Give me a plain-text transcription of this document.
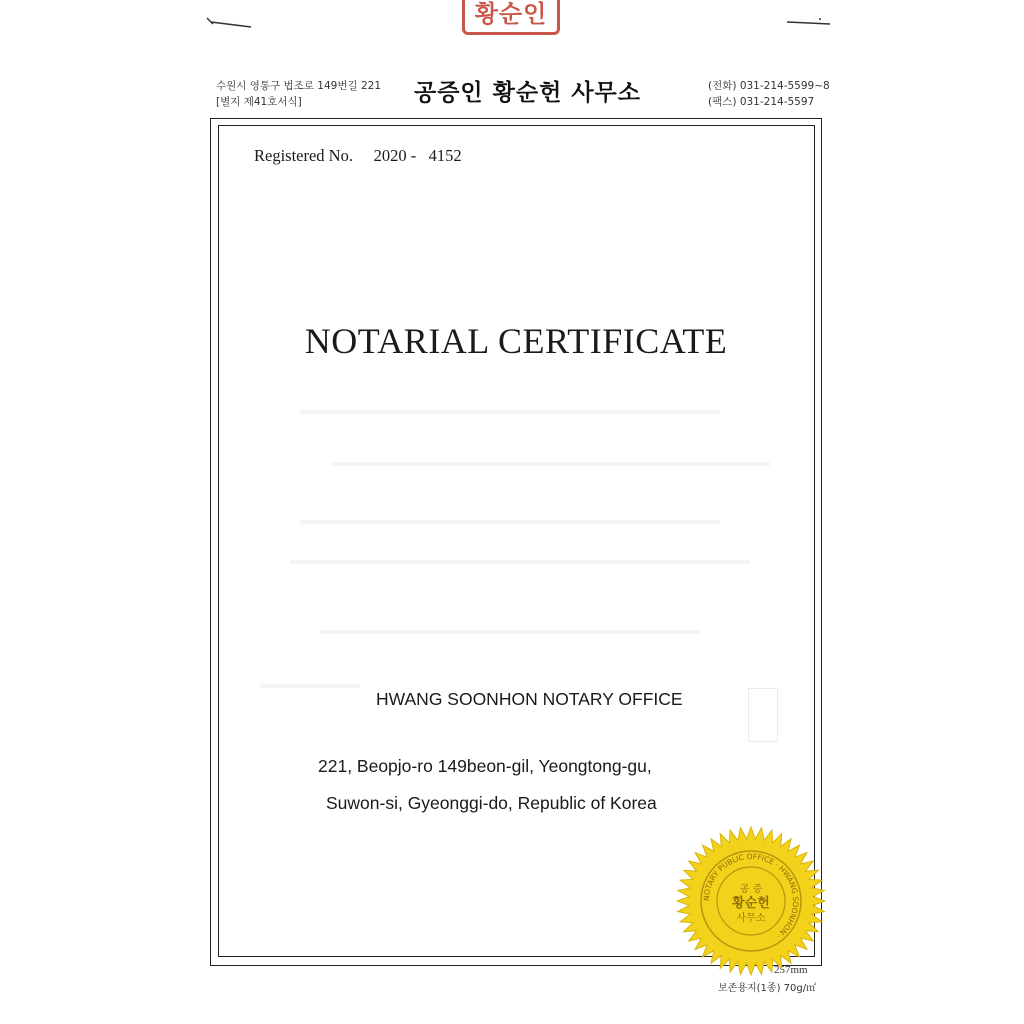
황순인
수원시 영통구 법조로 149번길 221
[별지 제41호서식]	공증인 황순헌 사무소	(전화) 031-214-5599~8
(팩스) 031-214-5597
Registered No. 2020 - 4152
NOTARIAL CERTIFICATE
HWANG SOONHON NOTARY OFFICE
221, Beopjo-ro 149beon-gil, Yeongtong-gu,
Suwon-si, Gyeonggi-do, Republic of Korea
257mm
보존용지(1종) 70g/㎡
NOTARY PUBLIC OFFICE · HWANG SOONHON ·
공 증
황순헌
사무소
